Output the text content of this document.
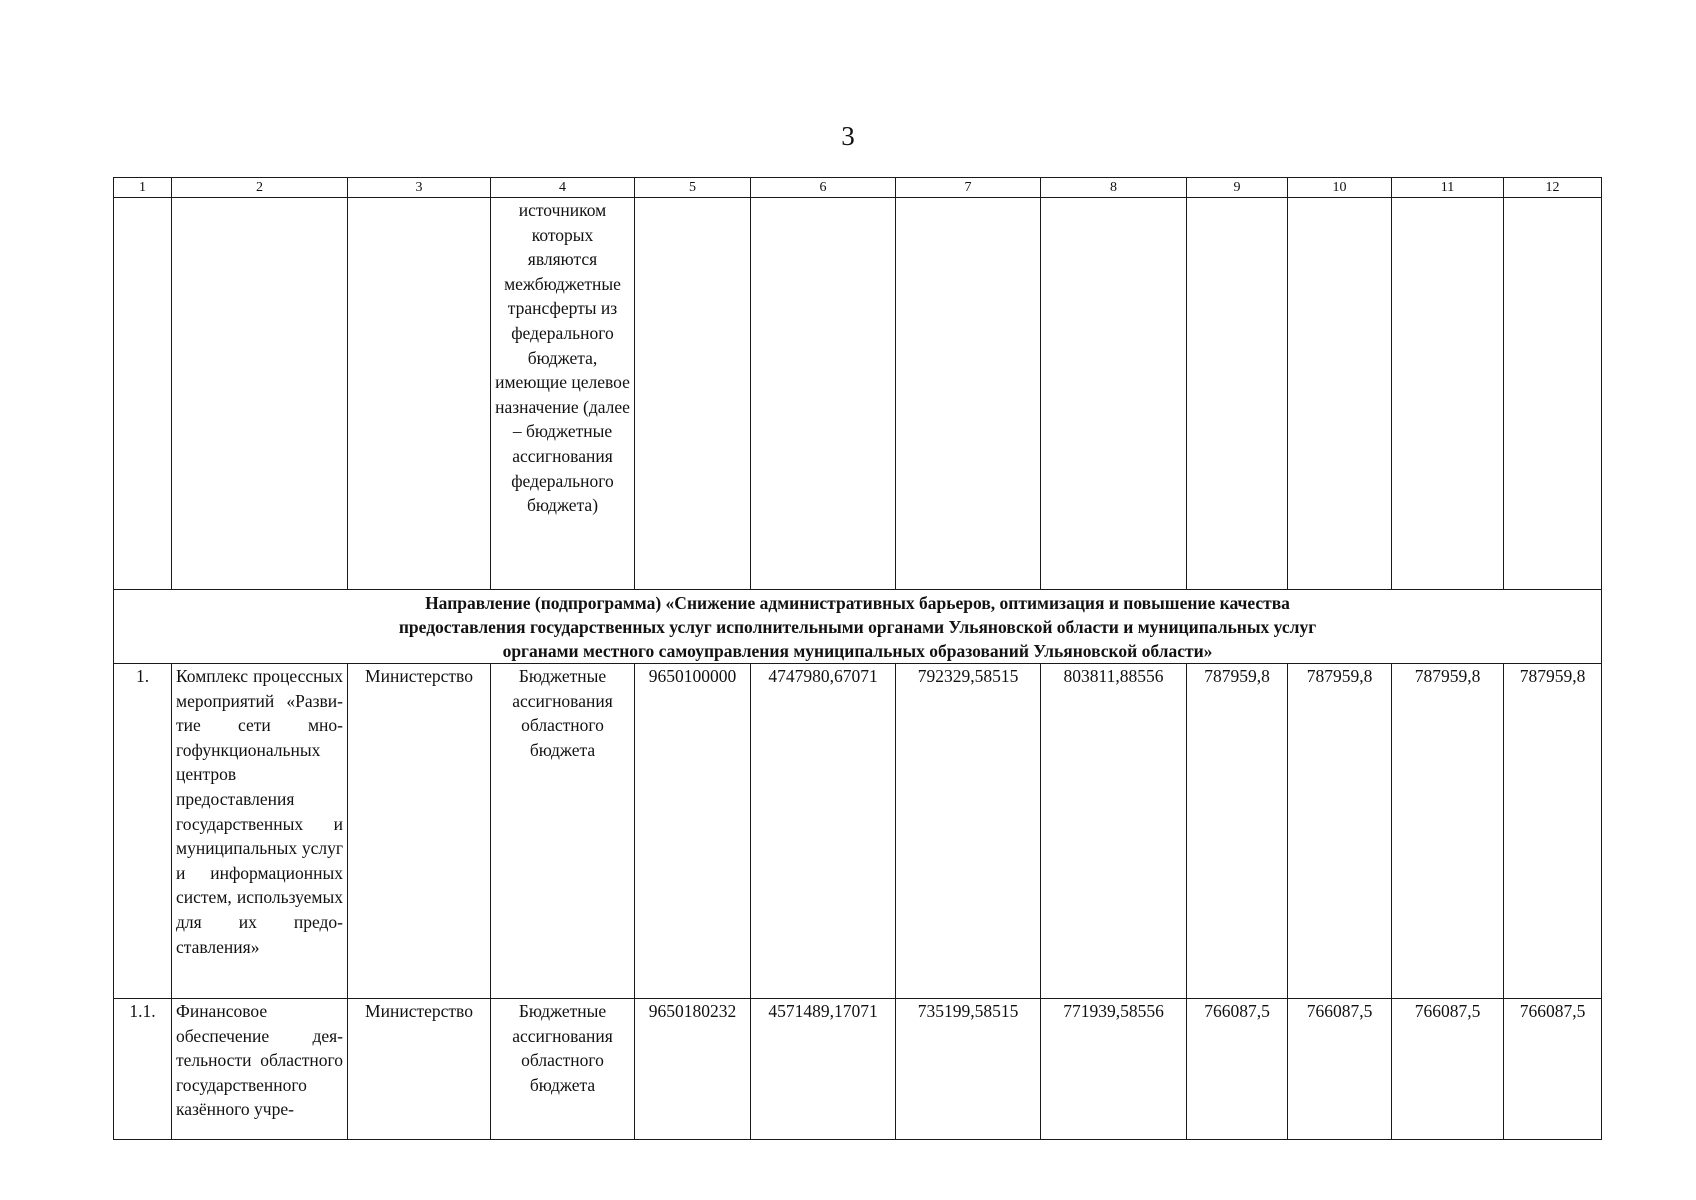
3
1	2	3	4	5	6	7	8	9	10	11	12

			источником которых являются межбюджетные трансферты из федерального бюджета, имеющие целевое назначение (далее – бюджетные ассигнования федерального бюджета)								

Направление (подпрограмма) «Снижение административных барьеров, оптимизация и повышение качества предоставления государственных услуг исполнительными органами Ульяновской области и муниципальных услуг органами местного самоуправления муниципальных образований Ульяновской области»											
1.	Комплекс процессных мероприятий «Развитие сети многофункциональных центров предоставления государственных и муниципальных услуг и информационных систем, используемых для их предоставления»	Министерство	Бюджетные ассигнования областного бюджета	9650100000	4747980,67071	792329,58515	803811,88556	787959,8	787959,8	787959,8	787959,8
1.1.	Финансовое обеспечение деятельности областного государственного казённого учре-	Министерство	Бюджетные ассигнования областного бюджета	9650180232	4571489,17071	735199,58515	771939,58556	766087,5	766087,5	766087,5	766087,5
